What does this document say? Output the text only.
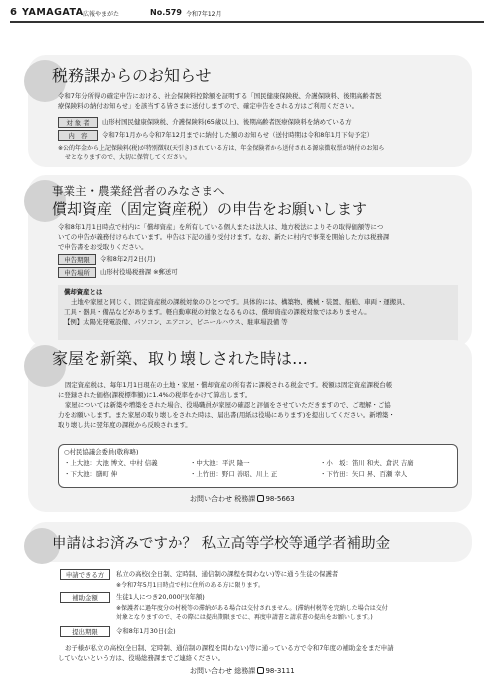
6 YAMAGATA 広報やまがた	No.579 令和7年12月
税務課からのお知らせ
令和7年分所得の確定申告における、社会保険料控除額を証明する「国民健康保険税、介護保険料、後期高齢者医
療保険料の納付お知らせ」を該当する皆さまに送付しますので、確定申告をされる方はご利用ください。
対 象 者	山形村国民健康保険税、介護保険料(65歳以上)、後期高齢者医療保険料を納めている方
内　容	令和7年1月から令和7年12月までに納付した額のお知らせ（送付時期は令和8年1月下旬予定）
※公的年金から上記保険料(税)が特別徴収(天引き)されている方は、年金保険者から送付される源泉徴収票が納付のお知ら
せとなりますので、大切に保管してください。
事業主・農業経営者のみなさまへ
償却資産（固定資産税）の申告をお願いします
令和8年1月1日時点で村内に「償却資産」を所有している個人または法人は、地方税法によりその取得価額等につ
いての申告が義務付けられています。申告は下記の通り受付けます。なお、新たに村内で事業を開始した方は税務課
で申告書をお受取りください。
申告期限	令和8年2月2日(月)
申告場所	山形村役場税務課 ※郵送可
償却資産とは
土地や家屋と同じく、固定資産税の課税対象のひとつです。具体的には、構築物、機械・装置、船舶、車両・運搬具、
工具・器具・備品などがあります。軽自動車税の対象となるものは、償却資産の課税対象ではありません。
【例】太陽光発電設備、パソコン、エアコン、ビニールハウス、駐車場設備 等
家屋を新築、取り壊しされた時は…
固定資産税は、毎年1月1日現在の土地・家屋・償却資産の所有者に課税される税金です。税額は固定資産課税台帳
に登録された価格(課税標準額)に1.4%の税率をかけて算出します。
家屋については新築や増築をされた場合、役場職員が家屋の確認と評価をさせていただきますので、ご理解・ご協
力をお願いします。また家屋の取り壊しをされた時は、届出書(用紙は役場にあります)を提出してください。新増築・
取り壊し共に翌年度の課税から反映されます。
○村民協議会委員(敬称略)
・上大池：大池 博文、中村 信義	・中大池：平沢 隆一	・小　坂：笛川 和夫、倉沢 吉廣
・下大池：膳町 伸	・上竹田：野口 善昭、川上 正	・下竹田：矢口 昇、百瀬 幸人
お問い合わせ 税務課 98-5663
申請はお済みですか？ 私立高等学校等通学者補助金
申請できる方	私立の高校(全日制、定時制、通信制の課程を問わない)等に通う生徒の保護者
※令和7年5月1日時点で村に住所のある方に限ります。
補助金額	生徒1人につき20,000円(年額)
※保護者に過年度分の村税等の滞納がある場合は交付されません。(滞納村税等を完納した場合は交付
対象となりますので、その際には提出期限までに、再度申請書と請求書の提出をお願いします。)
提出期限	令和8年1月30日(金)
お子様が私立の高校(全日制、定時制、通信制の課程を問わない)等に通っている方で令和7年度の補助金をまだ申請
していないという方は、役場総務課までご連絡ください。
お問い合わせ 総務課 98-3111
